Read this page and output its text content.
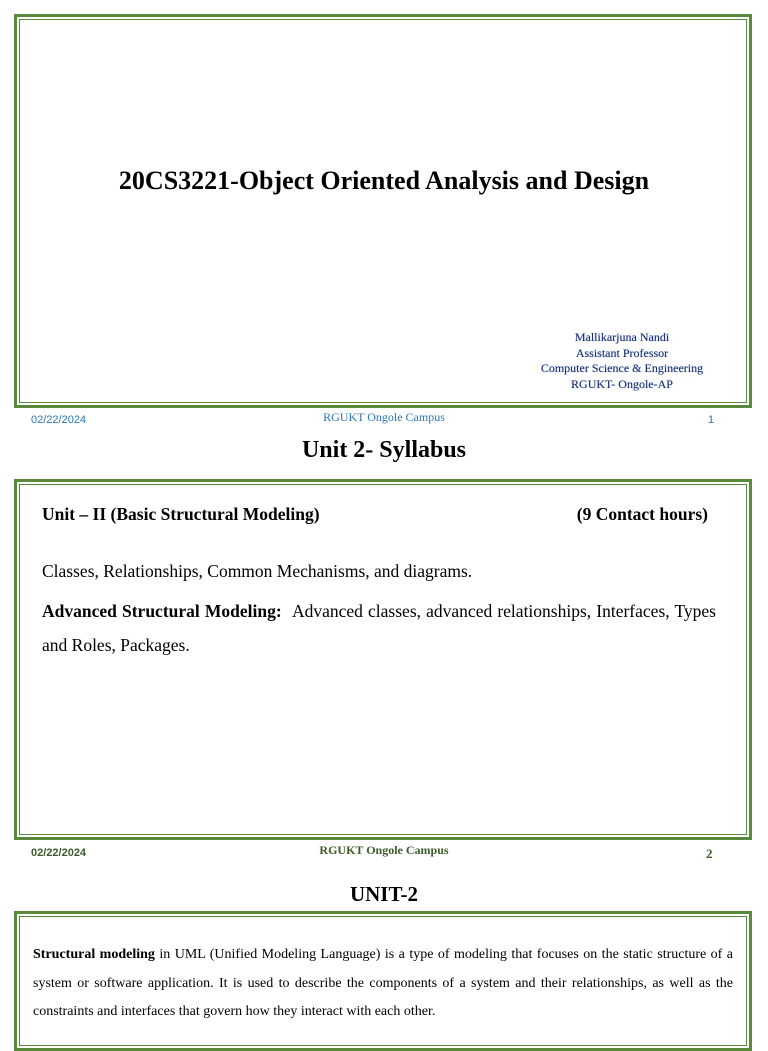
20CS3221-Object Oriented Analysis and Design
Mallikarjuna Nandi
Assistant Professor
Computer Science & Engineering
RGUKT- Ongole-AP
02/22/2024	RGUKT Ongole Campus	1
Unit 2- Syllabus
Unit – II (Basic Structural Modeling)	(9 Contact hours)
Classes, Relationships, Common Mechanisms, and diagrams.
Advanced Structural Modeling: Advanced classes, advanced relationships, Interfaces, Types and Roles, Packages.
02/22/2024	RGUKT Ongole Campus	2
UNIT-2
Structural modeling in UML (Unified Modeling Language) is a type of modeling that focuses on the static structure of a system or software application. It is used to describe the components of a system and their relationships, as well as the constraints and interfaces that govern how they interact with each other.
